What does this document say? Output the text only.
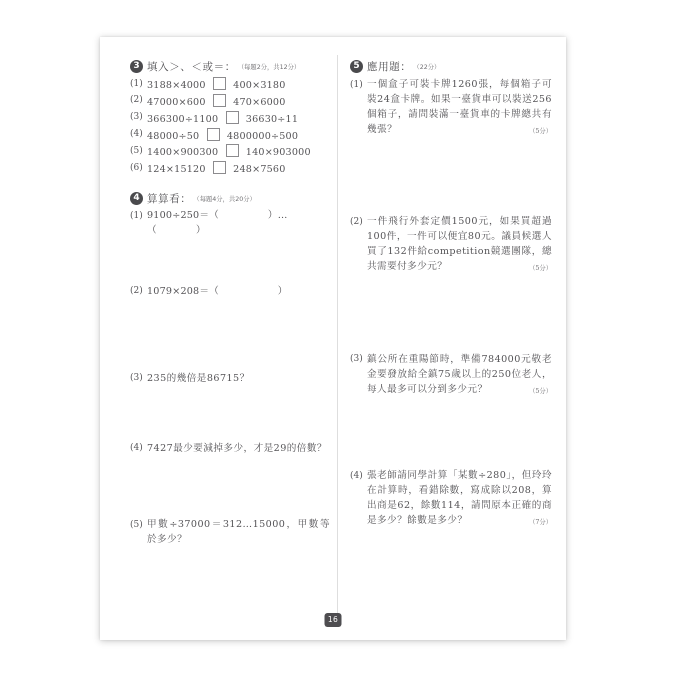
3 填入＞、＜或＝： （每題2分，共12分）
(1) 3188×4000	400×3180
(2) 47000×600	470×6000
(3) 366300÷1100	36630÷11
(4) 48000÷50	4800000÷500
(5) 1400×900300	140×903000
(6) 124×15120	248×7560
4 算算看： （每題4分，共20分）
(1) 9100÷250＝（　　　　　）…（　　　　）
(2) 1079×208＝（　　　　　　）
(3) 235的幾倍是86715？
(4) 7427最少要減掉多少，才是29的倍數？
(5) 甲數÷37000＝312…15000，甲數等於多少？
5 應用題： （22分）
(1) 一個盒子可裝卡牌1260張，每個箱子可裝24盒卡牌。如果一臺貨車可以裝送256個箱子，請問裝滿一臺貨車的卡牌總共有幾張？	（5分）
(2) 一件飛行外套定價1500元，如果買超過100件，一件可以便宜80元。議員候選人買了132件給competition競選團隊，總共需要付多少元？	（5分）
(3) 鎮公所在重陽節時，準備784000元敬老金要發放給全鎮75歲以上的250位老人，每人最多可以分到多少元？	（5分）
(4) 張老師請同學計算「某數÷280」，但玲玲在計算時，看錯除數，寫成除以208，算出商是62，餘數114，請問原本正確的商是多少？餘數是多少？	（7分）
16
